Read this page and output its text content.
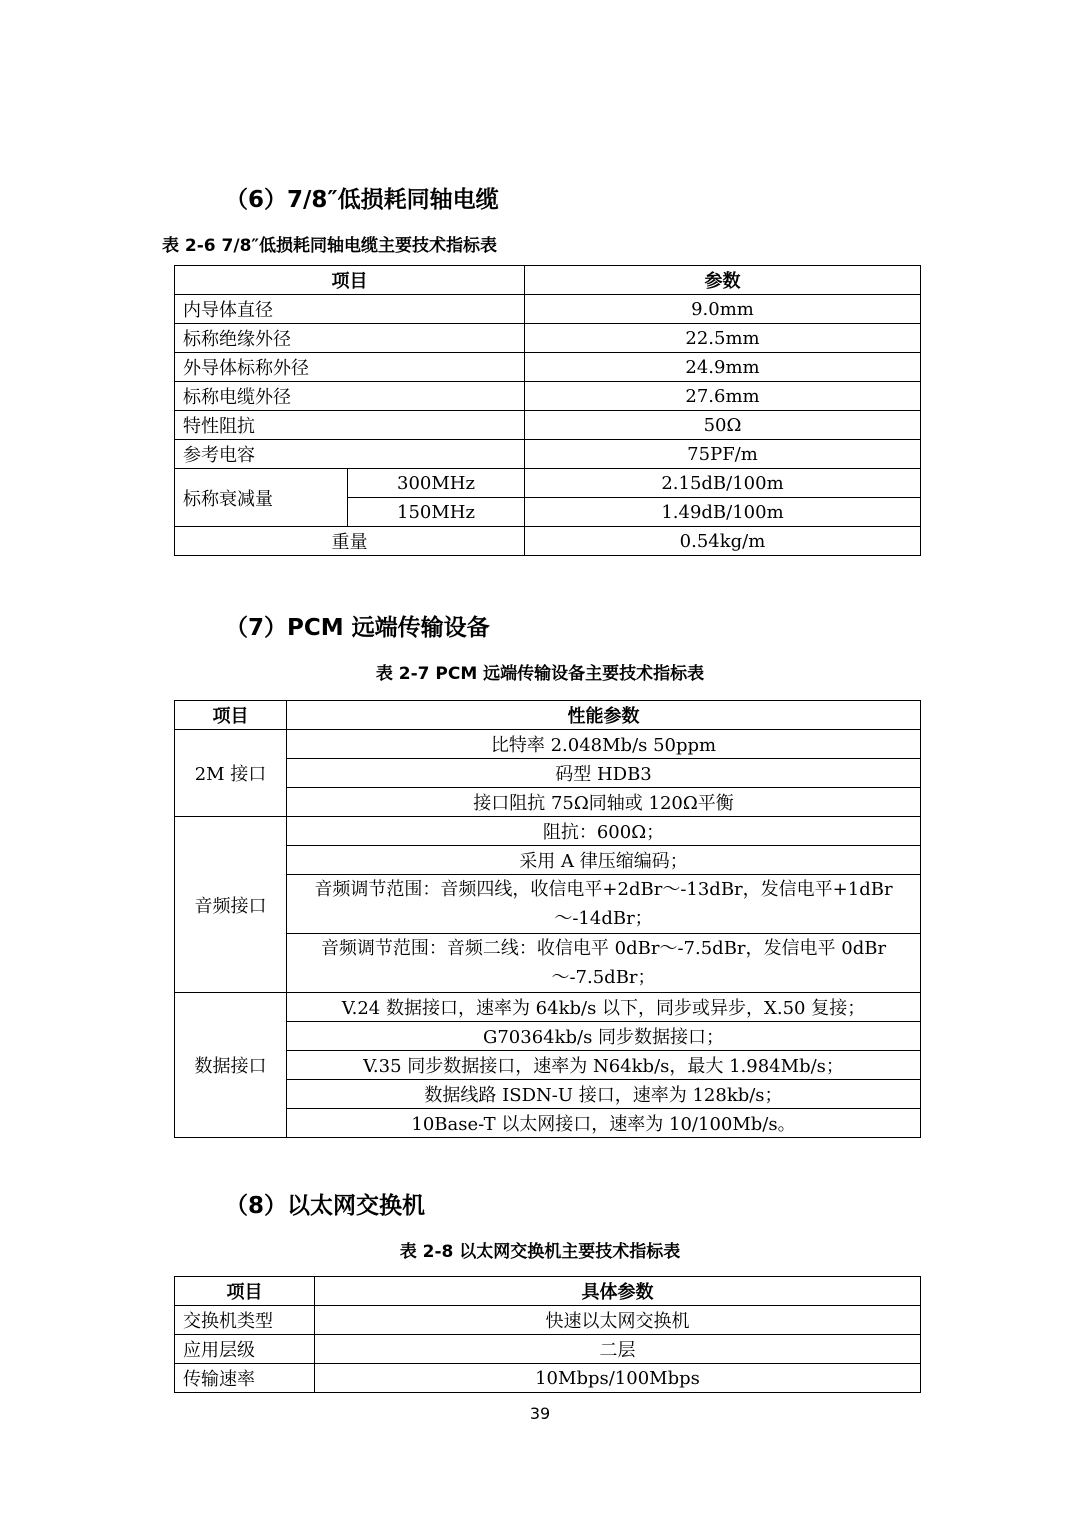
（6）7/8″低损耗同轴电缆

表 2-6 7/8″低损耗同轴电缆主要技术指标表

项目		参数
内导体直径		9.0mm
标称绝缘外径		22.5mm
外导体标称外径		24.9mm
标称电缆外径		27.6mm
特性阻抗		50Ω
参考电容		75PF/m
标称衰减量	300MHz	2.15dB/100m
	150MHz	1.49dB/100m
重量		0.54kg/m
（7）PCM 远端传输设备

表 2-7 PCM 远端传输设备主要技术指标表

项目	性能参数
2M 接口	比特率 2.048Mb/s 50ppm
	码型 HDB3
	接口阻抗 75Ω同轴或 120Ω平衡
音频接口	阻抗：600Ω；
	采用 A 律压缩编码；
	音频调节范围：音频四线，收信电平+2dBr～-13dBr，发信电平+1dBr～-14dBr；
	音频调节范围：音频二线：收信电平 0dBr～-7.5dBr，发信电平 0dBr～-7.5dBr；
数据接口	V.24 数据接口，速率为 64kb/s 以下，同步或异步，X.50 复接；
	G70364kb/s 同步数据接口；
	V.35 同步数据接口，速率为 N64kb/s，最大 1.984Mb/s；
	数据线路 ISDN-U 接口，速率为 128kb/s；
	10Base-T 以太网接口，速率为 10/100Mb/s。
（8）以太网交换机

表 2-8 以太网交换机主要技术指标表

项目	具体参数
交换机类型	快速以太网交换机
应用层级	二层
传输速率	10Mbps/100Mbps
39
